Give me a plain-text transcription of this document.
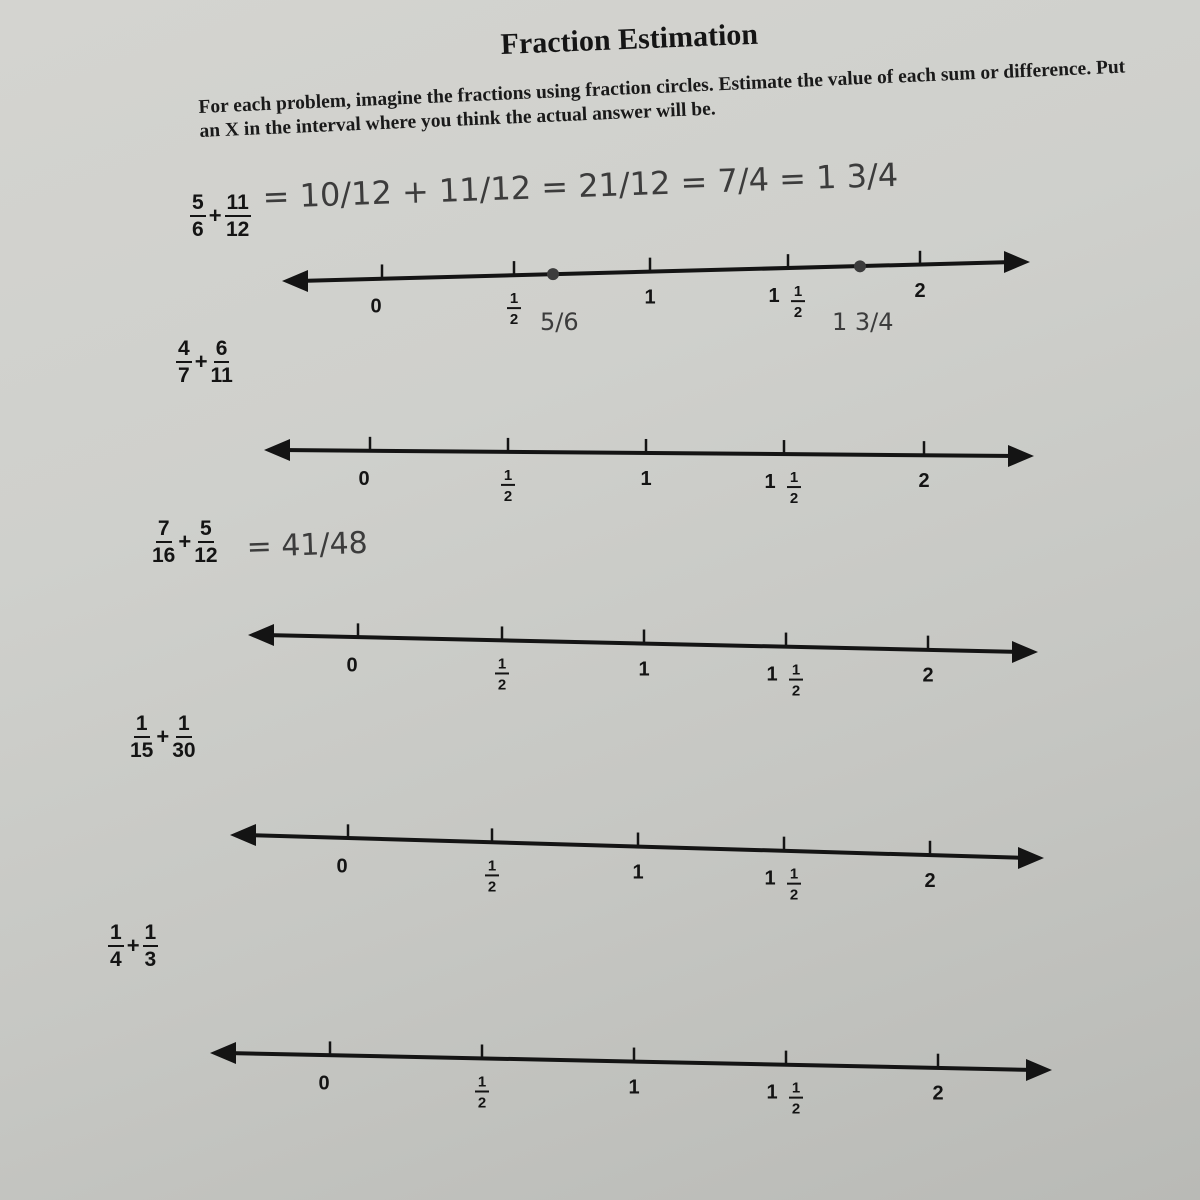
Fraction Estimation
For each problem, imagine the fractions using fraction circles. Estimate the value of each sum or difference. Put an X in the interval where you think the actual answer will be.
$\frac{5}{6} + \frac{11}{12}$
= 10/12 + 11/12 = 21/12 = 7/4 = 1 3/4
$\frac{4}{7} + \frac{6}{11}$
$\frac{7}{16} + \frac{5}{12} = 41/48$
$\frac{1}{15} + \frac{1}{30}$
$\frac{1}{4} + \frac{1}{3}$
0	1
2
1	1 1
2
2
0	1
2
1	1 1
2
2
0	1
2
1	1 1
2
2
0	1
2
1	1 1
2
2
0	1
2
1	1 1
2
2
5/6	1 3/4
